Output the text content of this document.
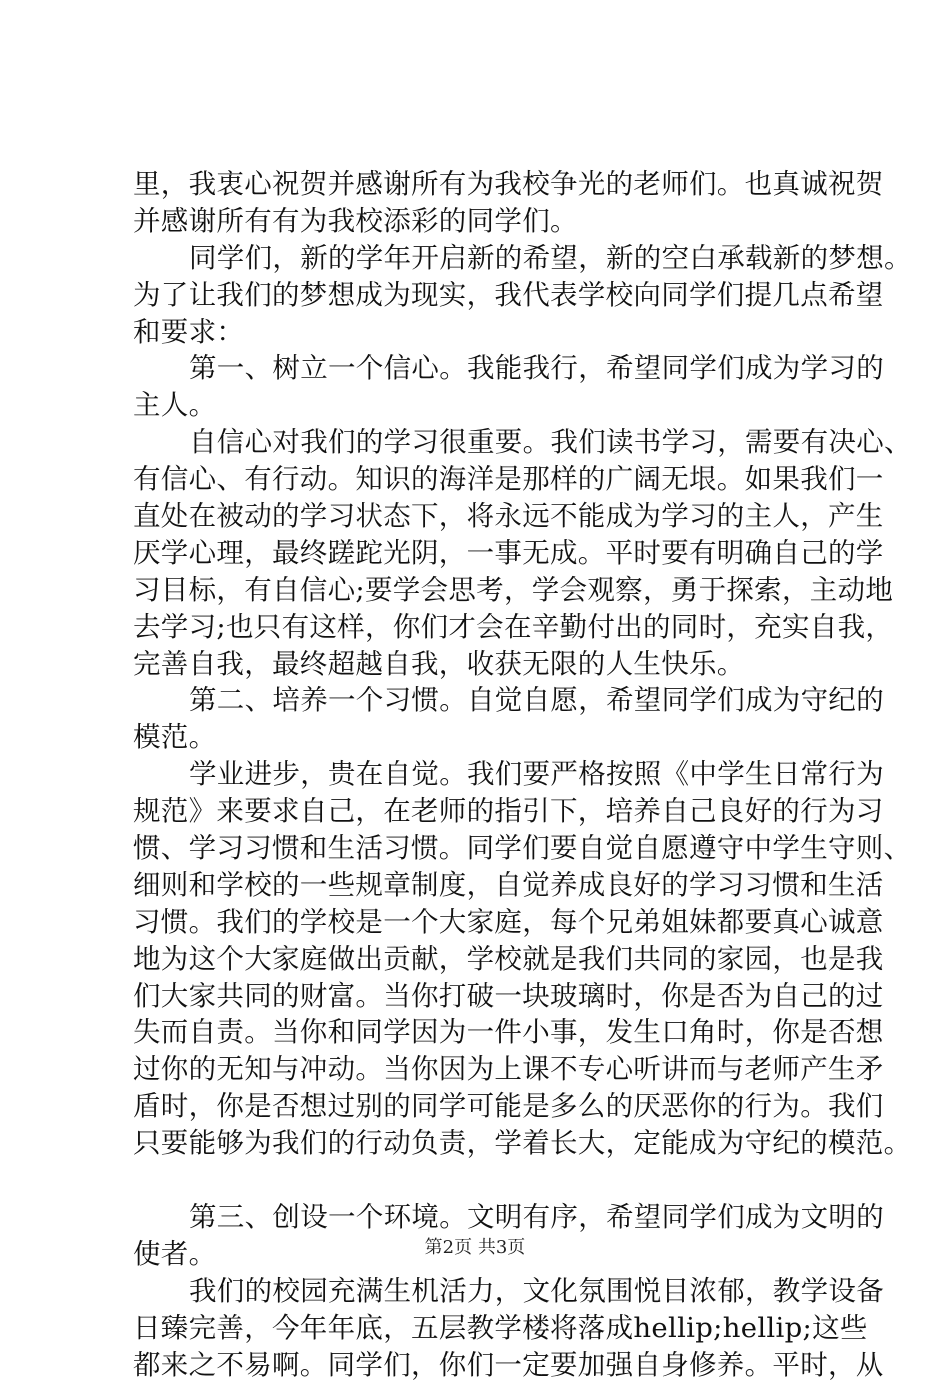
里，我衷心祝贺并感谢所有为我校争光的老师们。也真诚祝贺
并感谢所有有为我校添彩的同学们。
同学们，新的学年开启新的希望，新的空白承载新的梦想。
为了让我们的梦想成为现实，我代表学校向同学们提几点希望
和要求：
第一、树立一个信心。我能我行，希望同学们成为学习的
主人。
自信心对我们的学习很重要。我们读书学习，需要有决心、
有信心、有行动。知识的海洋是那样的广阔无垠。如果我们一
直处在被动的学习状态下，将永远不能成为学习的主人，产生
厌学心理，最终蹉跎光阴，一事无成。平时要有明确自己的学
习目标，有自信心;要学会思考，学会观察，勇于探索，主动地
去学习;也只有这样，你们才会在辛勤付出的同时，充实自我，
完善自我，最终超越自我，收获无限的人生快乐。
第二、培养一个习惯。自觉自愿，希望同学们成为守纪的
模范。
学业进步，贵在自觉。我们要严格按照《中学生日常行为
规范》来要求自己，在老师的指引下，培养自己良好的行为习
惯、学习习惯和生活习惯。同学们要自觉自愿遵守中学生守则、
细则和学校的一些规章制度，自觉养成良好的学习习惯和生活
习惯。我们的学校是一个大家庭，每个兄弟姐妹都要真心诚意
地为这个大家庭做出贡献，学校就是我们共同的家园，也是我
们大家共同的财富。当你打破一块玻璃时，你是否为自己的过
失而自责。当你和同学因为一件小事，发生口角时，你是否想
过你的无知与冲动。当你因为上课不专心听讲而与老师产生矛
盾时，你是否想过别的同学可能是多么的厌恶你的行为。我们
只要能够为我们的行动负责，学着长大，定能成为守纪的模范。
第三、创设一个环境。文明有序，希望同学们成为文明的
使者。
我们的校园充满生机活力，文化氛围悦目浓郁，教学设备
日臻完善，今年年底，五层教学楼将落成hellip;hellip;这些
都来之不易啊。同学们，你们一定要加强自身修养。平时，从
第2页 共3页
